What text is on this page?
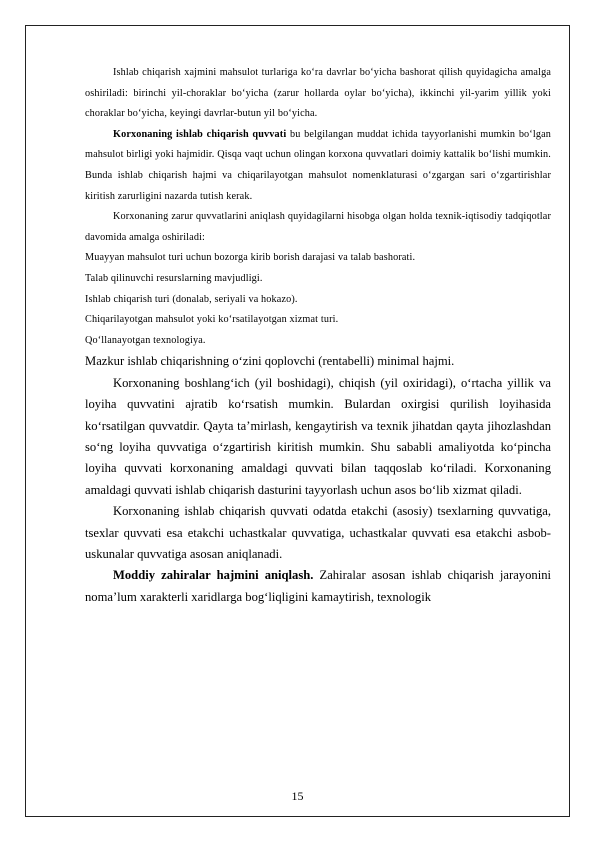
Ishlab chiqarish xajmini mahsulot turlariga ko‘ra davrlar bo‘yicha bashorat qilish quyidagicha amalga oshiriladi: birinchi yil-choraklar bo‘yicha (zarur hollarda oylar bo‘yicha), ikkinchi yil-yarim yillik yoki choraklar bo‘yicha, keyingi davrlar-butun yil bo‘yicha.

Korxonaning ishlab chiqarish quvvati bu belgilangan muddat ichida tayyorlanishi mumkin bo‘lgan mahsulot birligi yoki hajmidir. Qisqa vaqt uchun olingan korxona quvvatlari doimiy kattalik bo‘lishi mumkin. Bunda ishlab chiqarish hajmi va chiqarilayotgan mahsulot nomenklaturasi o‘zgargan sari o‘zgartirishlar kiritish zarurligini nazarda tutish kerak.

Korxonaning zarur quvvatlarini aniqlash quyidagilarni hisobga olgan holda texnik-iqtisodiy tadqiqotlar davomida amalga oshiriladi:

Muayyan mahsulot turi uchun bozorga kirib borish darajasi va talab bashorati.

Talab qilinuvchi resurslarning mavjudligi.

Ishlab chiqarish turi (donalab, seriyali va hokazo).

Chiqarilayotgan mahsulot yoki ko‘rsatilayotgan xizmat turi.

Qo‘llanayotgan texnologiya.

Mazkur ishlab chiqarishning o‘zini qoplovchi (rentabelli) minimal hajmi.

Korxonaning boshlang‘ich (yil boshidagi), chiqish (yil oxiridagi), o‘rtacha yillik va loyiha quvvatini ajratib ko‘rsatish mumkin. Bulardan oxirgisi qurilish loyihasida ko‘rsatilgan quvvatdir. Qayta ta’mirlash, kengaytirish va texnik jihatdan qayta jihozlashdan so‘ng loyiha quvvatiga o‘zgartirish kiritish mumkin. Shu sababli amaliyotda ko‘pincha loyiha quvvati korxonaning amaldagi quvvati bilan taqqoslab ko‘riladi. Korxonaning amaldagi quvvati ishlab chiqarish dasturini tayyorlash uchun asos bo‘lib xizmat qiladi.

Korxonaning ishlab chiqarish quvvati odatda etakchi (asosiy) tsexlarning quvvatiga, tsexlar quvvati esa etakchi uchastkalar quvvatiga, uchastkalar quvvati esa etakchi asbob-uskunalar quvvatiga asosan aniqlanadi.

Moddiy zahiralar hajmini aniqlash. Zahiralar asosan ishlab chiqarish jarayonini noma’lum xarakterli xaridlarga bog‘liqligini kamaytirish, texnologik

15
